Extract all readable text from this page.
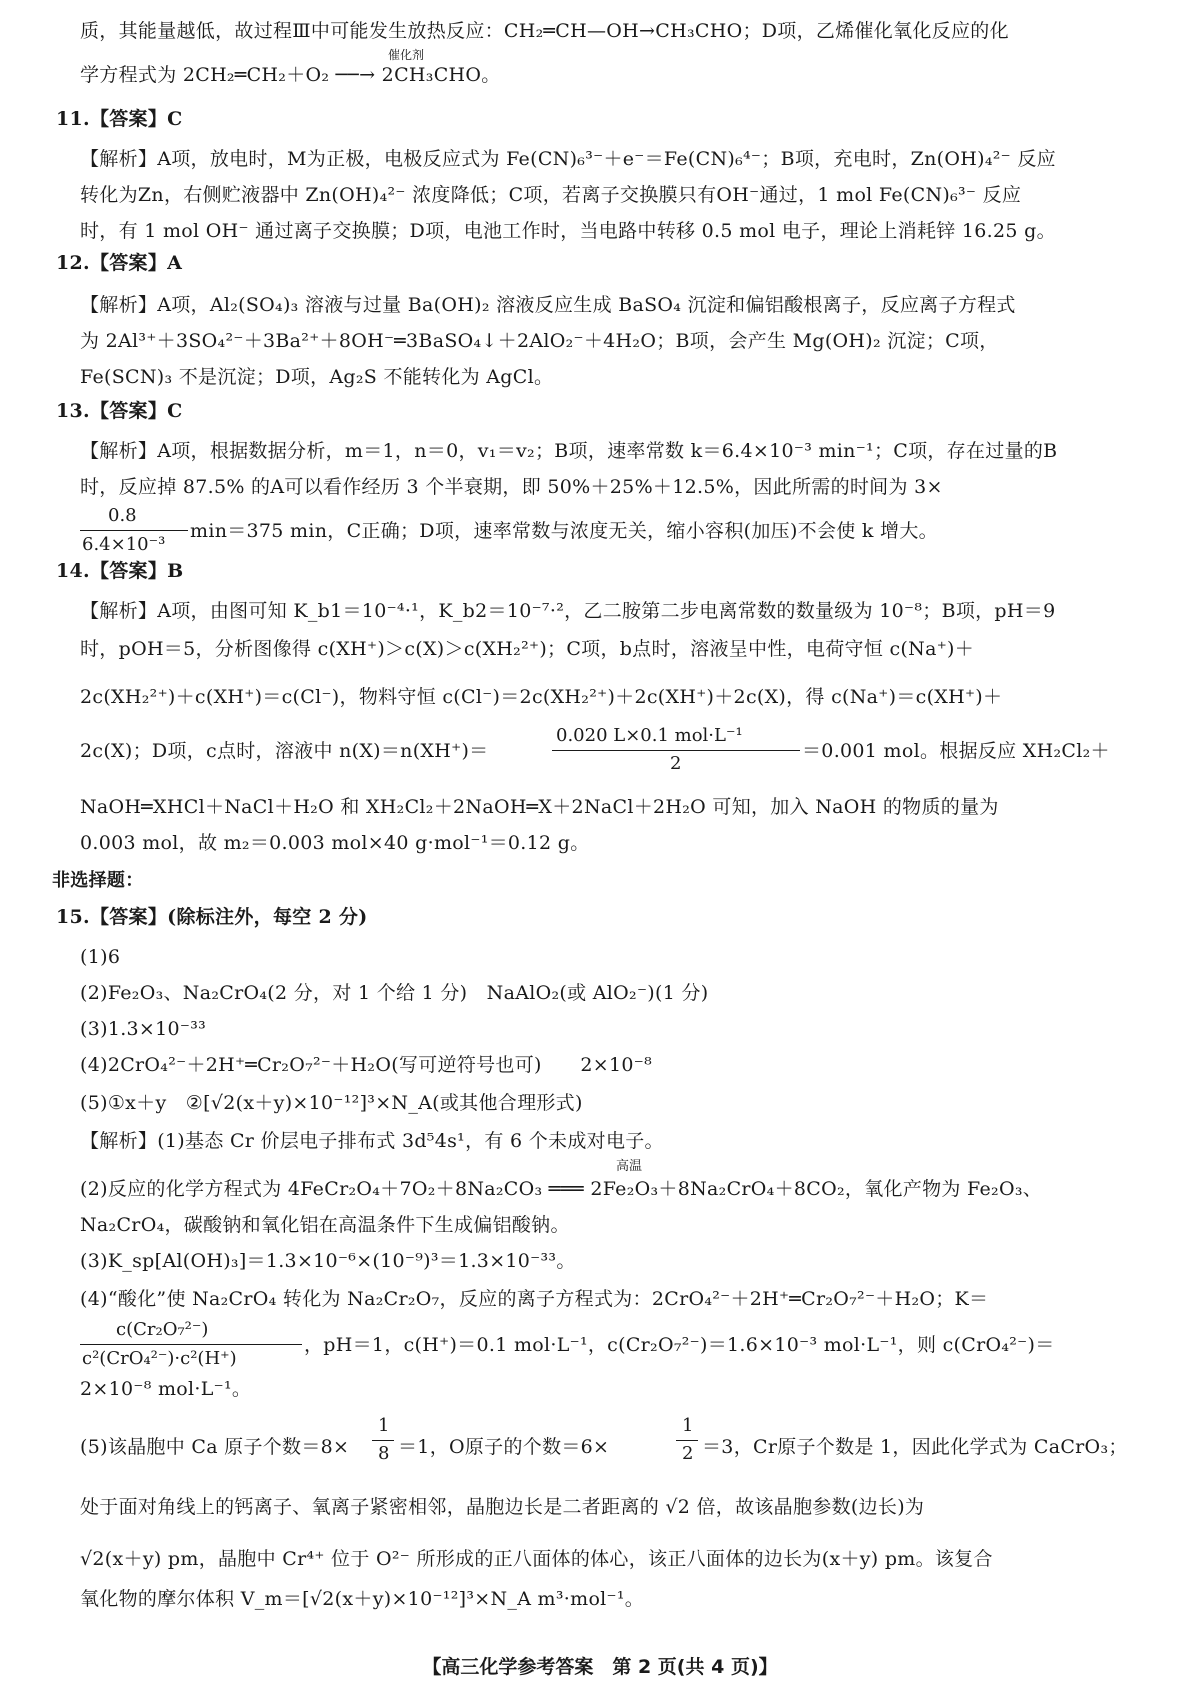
质，其能量越低，故过程Ⅲ中可能发生放热反应：CH₂═CH—OH→CH₃CHO；D项，乙烯催化氧化反应的化
学方程式为 2CH₂═CH₂＋O₂ ──→ 2CH₃CHO。
催化剂
11.【答案】C
【解析】A项，放电时，M为正极，电极反应式为 Fe(CN)₆³⁻＋e⁻＝Fe(CN)₆⁴⁻；B项，充电时，Zn(OH)₄²⁻ 反应
转化为Zn，右侧贮液器中 Zn(OH)₄²⁻ 浓度降低；C项，若离子交换膜只有OH⁻通过，1 mol Fe(CN)₆³⁻ 反应
时，有 1 mol OH⁻ 通过离子交换膜；D项，电池工作时，当电路中转移 0.5 mol 电子，理论上消耗锌 16.25 g。
12.【答案】A
【解析】A项，Al₂(SO₄)₃ 溶液与过量 Ba(OH)₂ 溶液反应生成 BaSO₄ 沉淀和偏铝酸根离子，反应离子方程式
为 2Al³⁺＋3SO₄²⁻＋3Ba²⁺＋8OH⁻═3BaSO₄↓＋2AlO₂⁻＋4H₂O；B项，会产生 Mg(OH)₂ 沉淀；C项，
Fe(SCN)₃ 不是沉淀；D项，Ag₂S 不能转化为 AgCl。
13.【答案】C
【解析】A项，根据数据分析，m＝1，n＝0，v₁＝v₂；B项，速率常数 k＝6.4×10⁻³ min⁻¹；C项，存在过量的B
时，反应掉 87.5% 的A可以看作经历 3 个半衰期，即 50%＋25%＋12.5%，因此所需的时间为 3×
0.8
6.4×10⁻³
min＝375 min，C正确；D项，速率常数与浓度无关，缩小容积(加压)不会使 k 增大。
14.【答案】B
【解析】A项，由图可知 K_b1＝10⁻⁴·¹，K_b2＝10⁻⁷·²，乙二胺第二步电离常数的数量级为 10⁻⁸；B项，pH＝9
时，pOH＝5，分析图像得 c(XH⁺)＞c(X)＞c(XH₂²⁺)；C项，b点时，溶液呈中性，电荷守恒 c(Na⁺)＋
2c(XH₂²⁺)＋c(XH⁺)＝c(Cl⁻)，物料守恒 c(Cl⁻)＝2c(XH₂²⁺)＋2c(XH⁺)＋2c(X)，得 c(Na⁺)＝c(XH⁺)＋
2c(X)；D项，c点时，溶液中 n(X)＝n(XH⁺)＝
0.020 L×0.1 mol·L⁻¹
2
＝0.001 mol。根据反应 XH₂Cl₂＋
NaOH═XHCl＋NaCl＋H₂O 和 XH₂Cl₂＋2NaOH═X＋2NaCl＋2H₂O 可知，加入 NaOH 的物质的量为
0.003 mol，故 m₂＝0.003 mol×40 g·mol⁻¹＝0.12 g。
非选择题：
15.【答案】(除标注外，每空 2 分)
(1)6
(2)Fe₂O₃、Na₂CrO₄(2 分，对 1 个给 1 分)　NaAlO₂(或 AlO₂⁻)(1 分)
(3)1.3×10⁻³³
(4)2CrO₄²⁻＋2H⁺═Cr₂O₇²⁻＋H₂O(写可逆符号也可)　　2×10⁻⁸
(5)①x＋y　②[√2(x＋y)×10⁻¹²]³×N_A(或其他合理形式)
【解析】(1)基态 Cr 价层电子排布式 3d⁵4s¹，有 6 个未成对电子。
(2)反应的化学方程式为 4FeCr₂O₄＋7O₂＋8Na₂CO₃ ═══ 2Fe₂O₃＋8Na₂CrO₄＋8CO₂，氧化产物为 Fe₂O₃、
高温
Na₂CrO₄，碳酸钠和氧化铝在高温条件下生成偏铝酸钠。
(3)K_sp[Al(OH)₃]＝1.3×10⁻⁶×(10⁻⁹)³＝1.3×10⁻³³。
(4)“酸化”使 Na₂CrO₄ 转化为 Na₂Cr₂O₇，反应的离子方程式为：2CrO₄²⁻＋2H⁺═Cr₂O₇²⁻＋H₂O；K＝
c(Cr₂O₇²⁻)
c²(CrO₄²⁻)·c²(H⁺)
，pH＝1，c(H⁺)＝0.1 mol·L⁻¹，c(Cr₂O₇²⁻)＝1.6×10⁻³ mol·L⁻¹，则 c(CrO₄²⁻)＝
2×10⁻⁸ mol·L⁻¹。
(5)该晶胞中 Ca 原子个数＝8×
1
8 ＝1，O原子的个数＝6×
1
2 ＝3，Cr原子个数是 1，因此化学式为 CaCrO₃；
处于面对角线上的钙离子、氧离子紧密相邻，晶胞边长是二者距离的 √2 倍，故该晶胞参数(边长)为
√2(x＋y) pm，晶胞中 Cr⁴⁺ 位于 O²⁻ 所形成的正八面体的体心，该正八面体的边长为(x＋y) pm。该复合
氧化物的摩尔体积 V_m＝[√2(x＋y)×10⁻¹²]³×N_A m³·mol⁻¹。
【高三化学参考答案　第 2 页(共 4 页)】
